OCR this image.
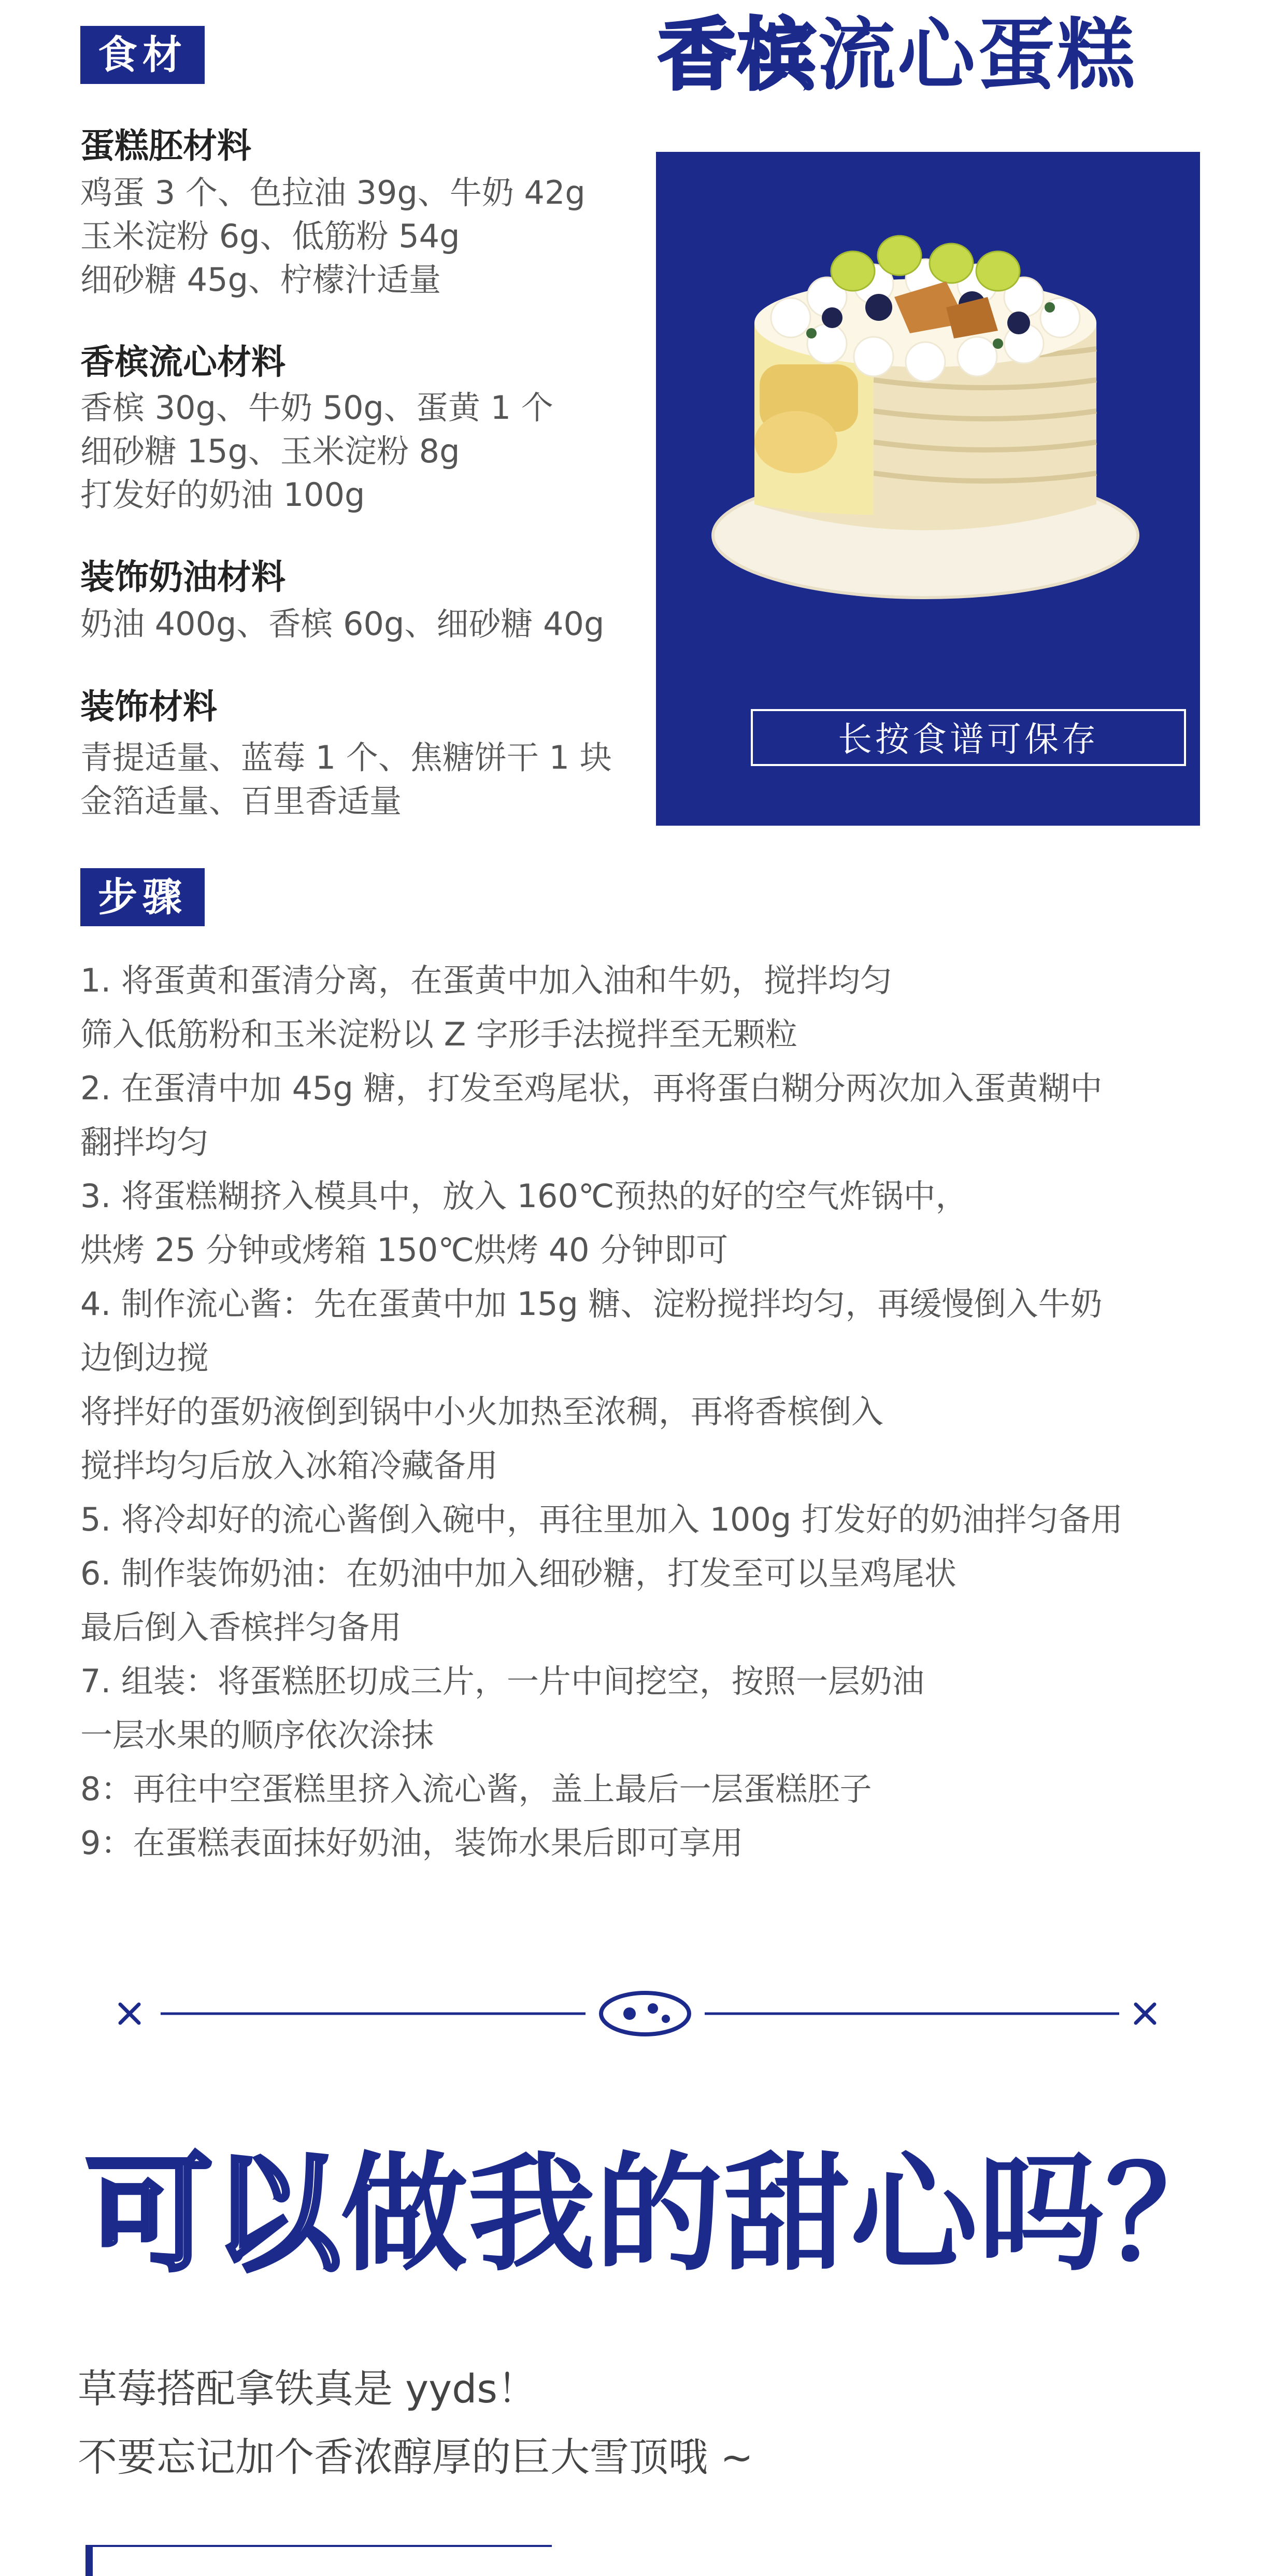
食材	香槟流心蛋糕
蛋糕胚材料
鸡蛋 3 个、色拉油 39g、牛奶 42g
玉米淀粉 6g、低筋粉 54g
细砂糖 45g、柠檬汁适量
香槟流心材料
香槟 30g、牛奶 50g、蛋黄 1 个
细砂糖 15g、玉米淀粉 8g
打发好的奶油 100g
装饰奶油材料
奶油 400g、香槟 60g、细砂糖 40g
装饰材料
青提适量、蓝莓 1 个、焦糖饼干 1 块
金箔适量、百里香适量
长按食谱可保存
步骤
1. 将蛋黄和蛋清分离，在蛋黄中加入油和牛奶，搅拌均匀
筛入低筋粉和玉米淀粉以 Z 字形手法搅拌至无颗粒
2. 在蛋清中加 45g 糖，打发至鸡尾状，再将蛋白糊分两次加入蛋黄糊中
翻拌均匀
3. 将蛋糕糊挤入模具中，放入 160℃预热的好的空气炸锅中，
烘烤 25 分钟或烤箱 150℃烘烤 40 分钟即可
4. 制作流心酱：先在蛋黄中加 15g 糖、淀粉搅拌均匀，再缓慢倒入牛奶
边倒边搅
将拌好的蛋奶液倒到锅中小火加热至浓稠，再将香槟倒入
搅拌均匀后放入冰箱冷藏备用
5. 将冷却好的流心酱倒入碗中，再往里加入 100g 打发好的奶油拌匀备用
6. 制作装饰奶油：在奶油中加入细砂糖，打发至可以呈鸡尾状
最后倒入香槟拌匀备用
7. 组装：将蛋糕胚切成三片，一片中间挖空，按照一层奶油
一层水果的顺序依次涂抹
8：再往中空蛋糕里挤入流心酱，盖上最后一层蛋糕胚子
9：在蛋糕表面抹好奶油，装饰水果后即可享用
可以做我的甜心吗？
草莓搭配拿铁真是 yyds！
不要忘记加个香浓醇厚的巨大雪顶哦 ~
